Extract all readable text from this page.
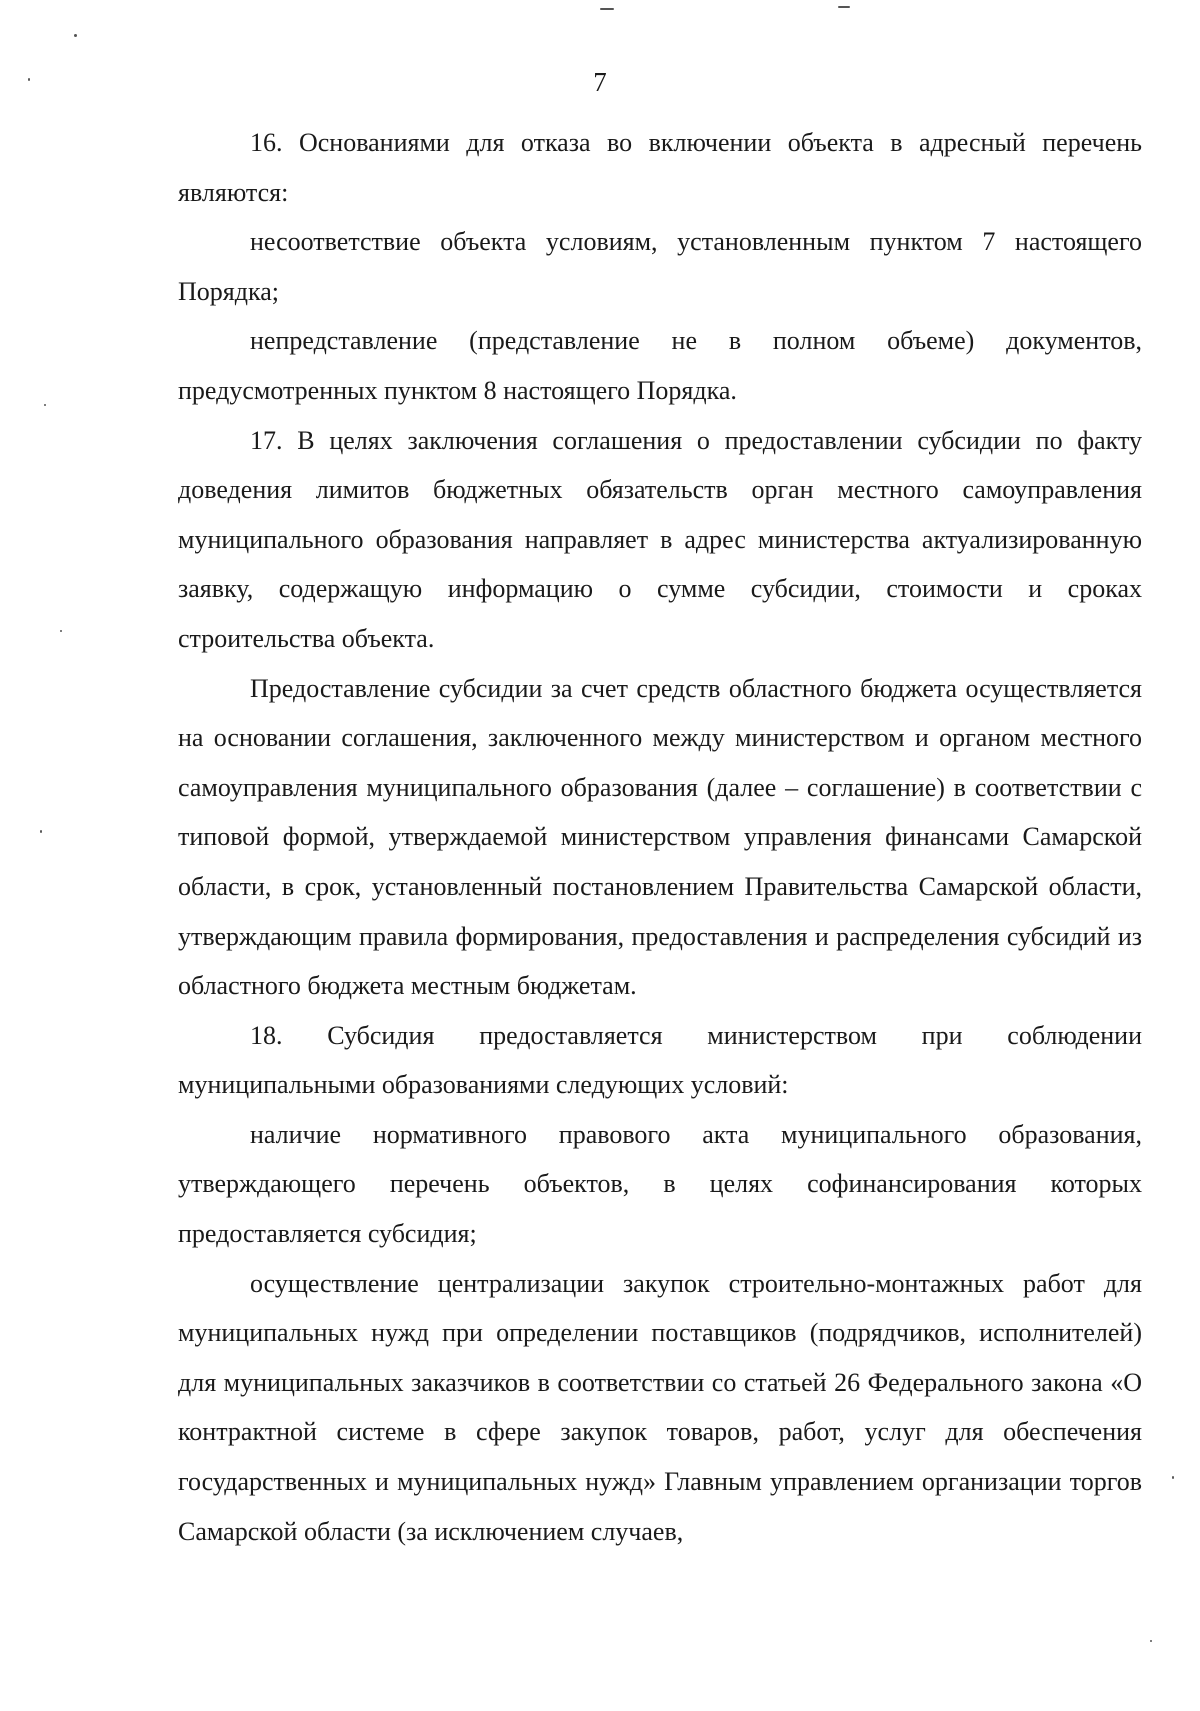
7

16. Основаниями для отказа во включении объекта в адресный перечень являются:

несоответствие объекта условиям, установленным пунктом 7 настоящего Порядка;

непредставление (представление не в полном объеме) документов, предусмотренных пунктом 8 настоящего Порядка.

17. В целях заключения соглашения о предоставлении субсидии по факту доведения лимитов бюджетных обязательств орган местного самоуправления муниципального образования направляет в адрес министерства актуализированную заявку, содержащую информацию о сумме субсидии, стоимости и сроках строительства объекта.

Предоставление субсидии за счет средств областного бюджета осуществляется на основании соглашения, заключенного между министерством и органом местного самоуправления муниципального образования (далее – соглашение) в соответствии с типовой формой, утверждаемой министерством управления финансами Самарской области, в срок, установленный постановлением Правительства Самарской области, утверждающим правила формирования, предоставления и распределения субсидий из областного бюджета местным бюджетам.

18. Субсидия предоставляется министерством при соблюдении муниципальными образованиями следующих условий:

наличие нормативного правового акта муниципального образования, утверждающего перечень объектов, в целях софинансирования которых предоставляется субсидия;

осуществление централизации закупок строительно-монтажных работ для муниципальных нужд при определении поставщиков (подрядчиков, исполнителей) для муниципальных заказчиков в соответствии со статьей 26 Федерального закона «О контрактной системе в сфере закупок товаров, работ, услуг для обеспечения государственных и муниципальных нужд» Главным управлением организации торгов Самарской области (за исключением случаев,
